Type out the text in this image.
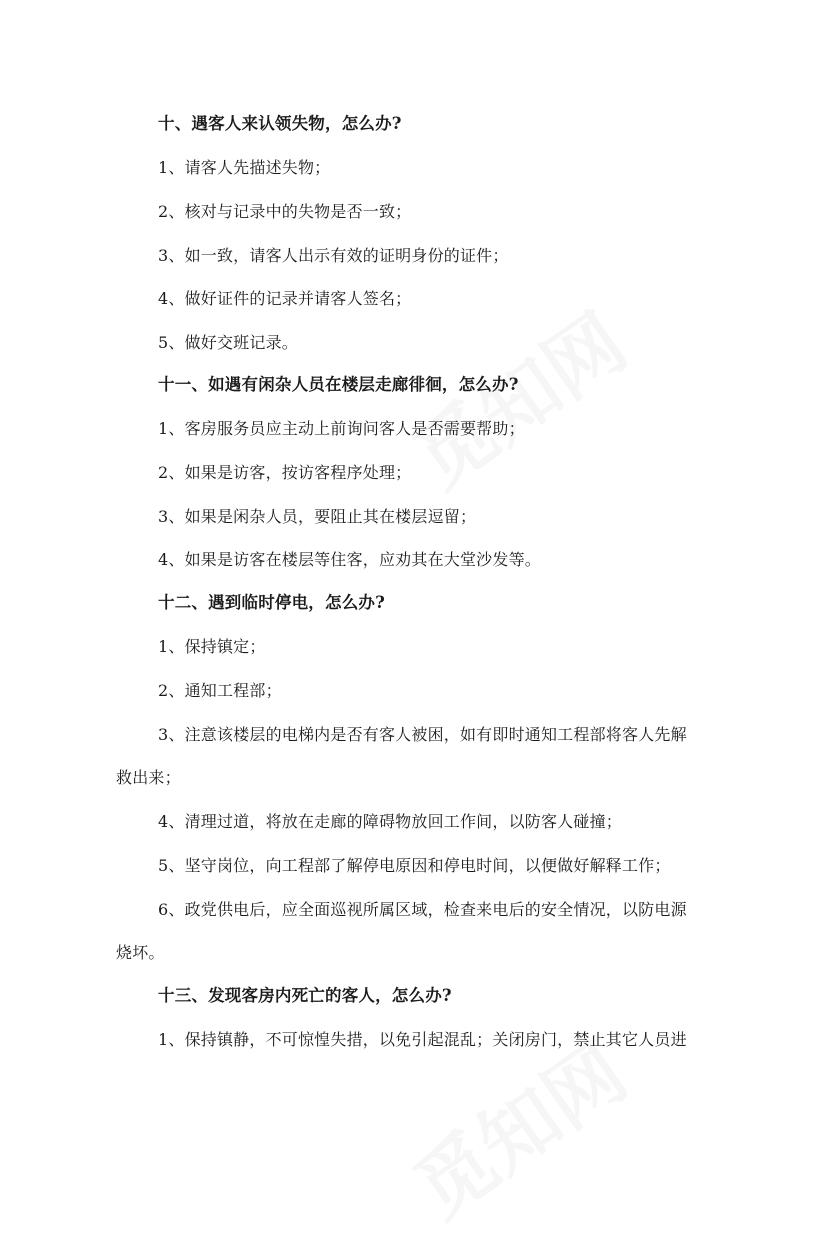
十、遇客人来认领失物，怎么办?
1、请客人先描述失物；
2、核对与记录中的失物是否一致；
3、如一致，请客人出示有效的证明身份的证件；
4、做好证件的记录并请客人签名；
5、做好交班记录。
十一、如遇有闲杂人员在楼层走廊徘徊，怎么办?
1、客房服务员应主动上前询问客人是否需要帮助；
2、如果是访客，按访客程序处理；
3、如果是闲杂人员，要阻止其在楼层逗留；
4、如果是访客在楼层等住客，应劝其在大堂沙发等。
十二、遇到临时停电，怎么办?
1、保持镇定；
2、通知工程部；
3、注意该楼层的电梯内是否有客人被困，如有即时通知工程部将客人先解
救出来；
4、清理过道，将放在走廊的障碍物放回工作间，以防客人碰撞；
5、坚守岗位，向工程部了解停电原因和停电时间，以便做好解释工作；
6、政党供电后，应全面巡视所属区域，检查来电后的安全情况，以防电源
烧坏。
十三、发现客房内死亡的客人，怎么办?
1、保持镇静，不可惊惶失措，以免引起混乱；关闭房门，禁止其它人员进
